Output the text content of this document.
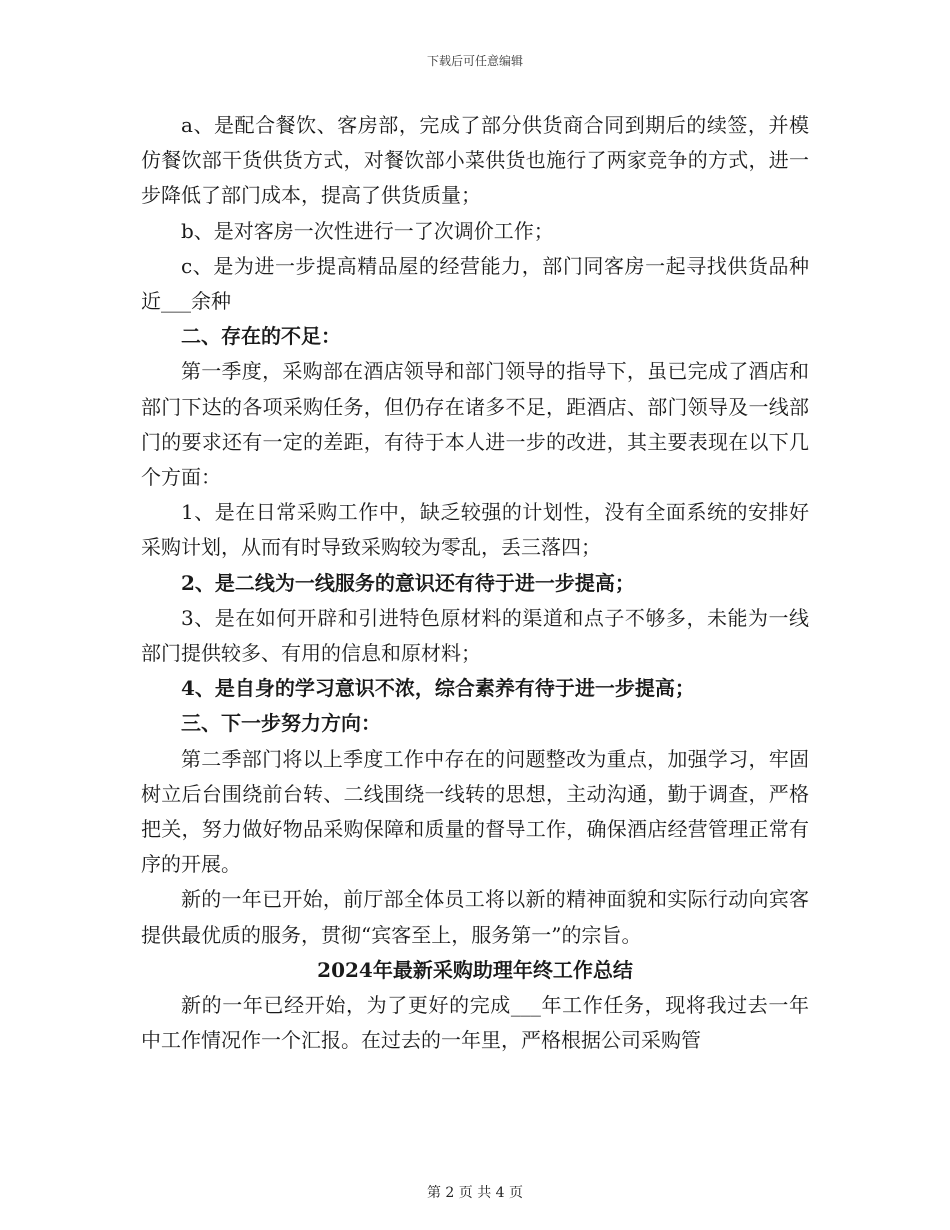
下载后可任意编辑

a、是配合餐饮、客房部，完成了部分供货商合同到期后的续签，并模仿餐饮部干货供货方式，对餐饮部小菜供货也施行了两家竞争的方式，进一步降低了部门成本，提高了供货质量；

b、是对客房一次性进行一了次调价工作；

c、是为进一步提高精品屋的经营能力，部门同客房一起寻找供货品种近___余种

二、存在的不足：

第一季度，采购部在酒店领导和部门领导的指导下，虽已完成了酒店和部门下达的各项采购任务，但仍存在诸多不足，距酒店、部门领导及一线部门的要求还有一定的差距，有待于本人进一步的改进，其主要表现在以下几个方面：

1、是在日常采购工作中，缺乏较强的计划性，没有全面系统的安排好采购计划，从而有时导致采购较为零乱，丢三落四；

2、是二线为一线服务的意识还有待于进一步提高；

3、是在如何开辟和引进特色原材料的渠道和点子不够多，未能为一线部门提供较多、有用的信息和原材料；

4、是自身的学习意识不浓，综合素养有待于进一步提高；

三、下一步努力方向：

第二季部门将以上季度工作中存在的问题整改为重点，加强学习，牢固树立后台围绕前台转、二线围绕一线转的思想，主动沟通，勤于调查，严格把关，努力做好物品采购保障和质量的督导工作，确保酒店经营管理正常有序的开展。

新的一年已开始，前厅部全体员工将以新的精神面貌和实际行动向宾客提供最优质的服务，贯彻“宾客至上，服务第一”的宗旨。

2024年最新采购助理年终工作总结

新的一年已经开始，为了更好的完成___年工作任务，现将我过去一年中工作情况作一个汇报。在过去的一年里，严格根据公司采购管

第 2 页 共 4 页
